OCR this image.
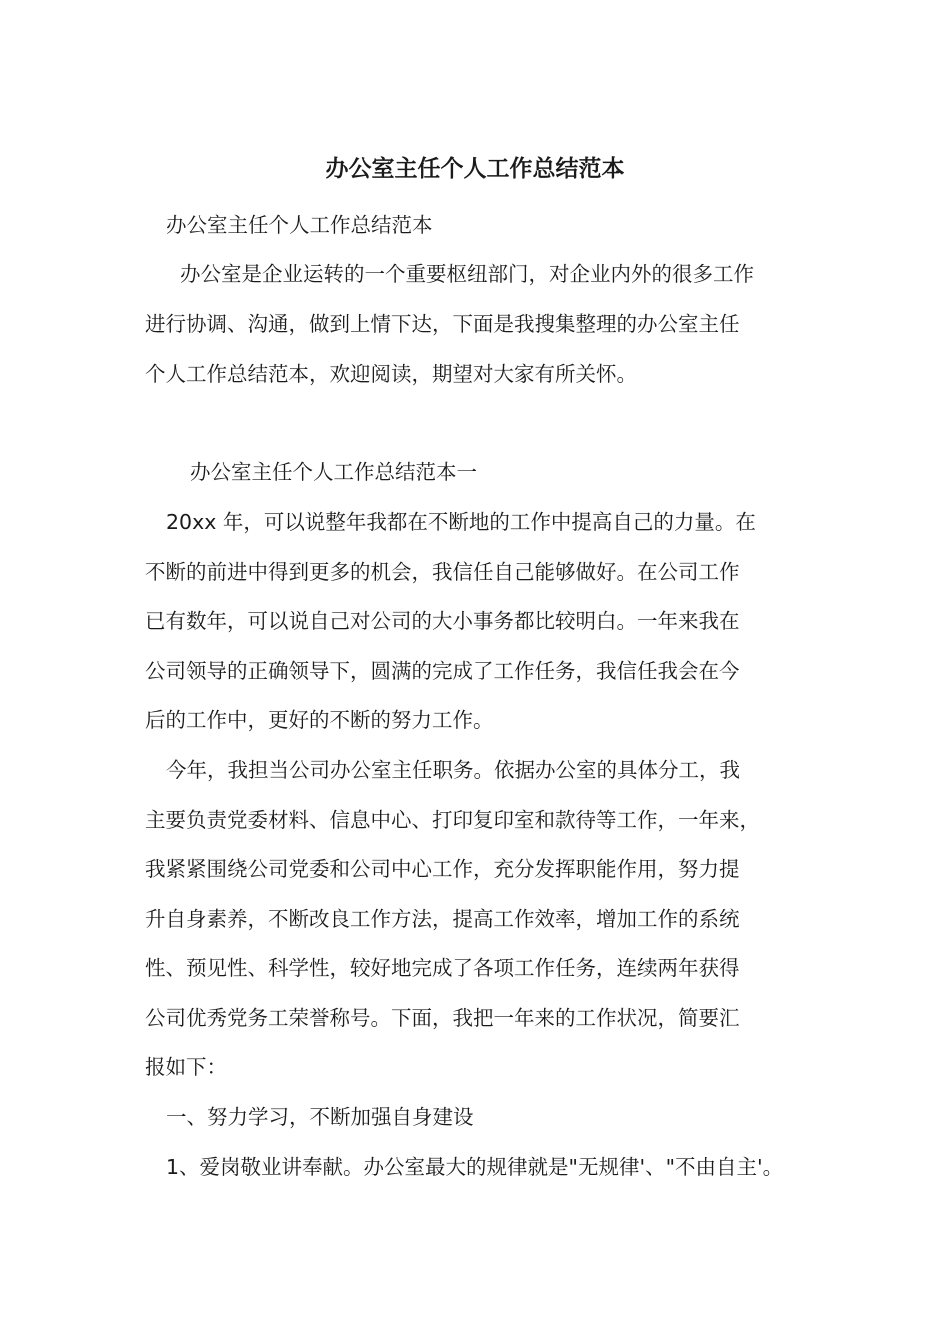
办公室主任个人工作总结范本

办公室主任个人工作总结范本

办公室是企业运转的一个重要枢纽部门，对企业内外的很多工作

进行协调、沟通，做到上情下达，下面是我搜集整理的办公室主任

个人工作总结范本，欢迎阅读，期望对大家有所关怀。

办公室主任个人工作总结范本一

20xx 年，可以说整年我都在不断地的工作中提高自己的力量。在

不断的前进中得到更多的机会，我信任自己能够做好。在公司工作

已有数年，可以说自己对公司的大小事务都比较明白。一年来我在

公司领导的正确领导下，圆满的完成了工作任务，我信任我会在今

后的工作中，更好的不断的努力工作。

今年，我担当公司办公室主任职务。依据办公室的具体分工，我

主要负责党委材料、信息中心、打印复印室和款待等工作，一年来，

我紧紧围绕公司党委和公司中心工作，充分发挥职能作用，努力提

升自身素养，不断改良工作方法，提高工作效率，增加工作的系统

性、预见性、科学性，较好地完成了各项工作任务，连续两年获得

公司优秀党务工荣誉称号。下面，我把一年来的工作状况，简要汇

报如下：

一、努力学习，不断加强自身建设

1、爱岗敬业讲奉献。办公室最大的规律就是"无规律'、"不由自主'。
